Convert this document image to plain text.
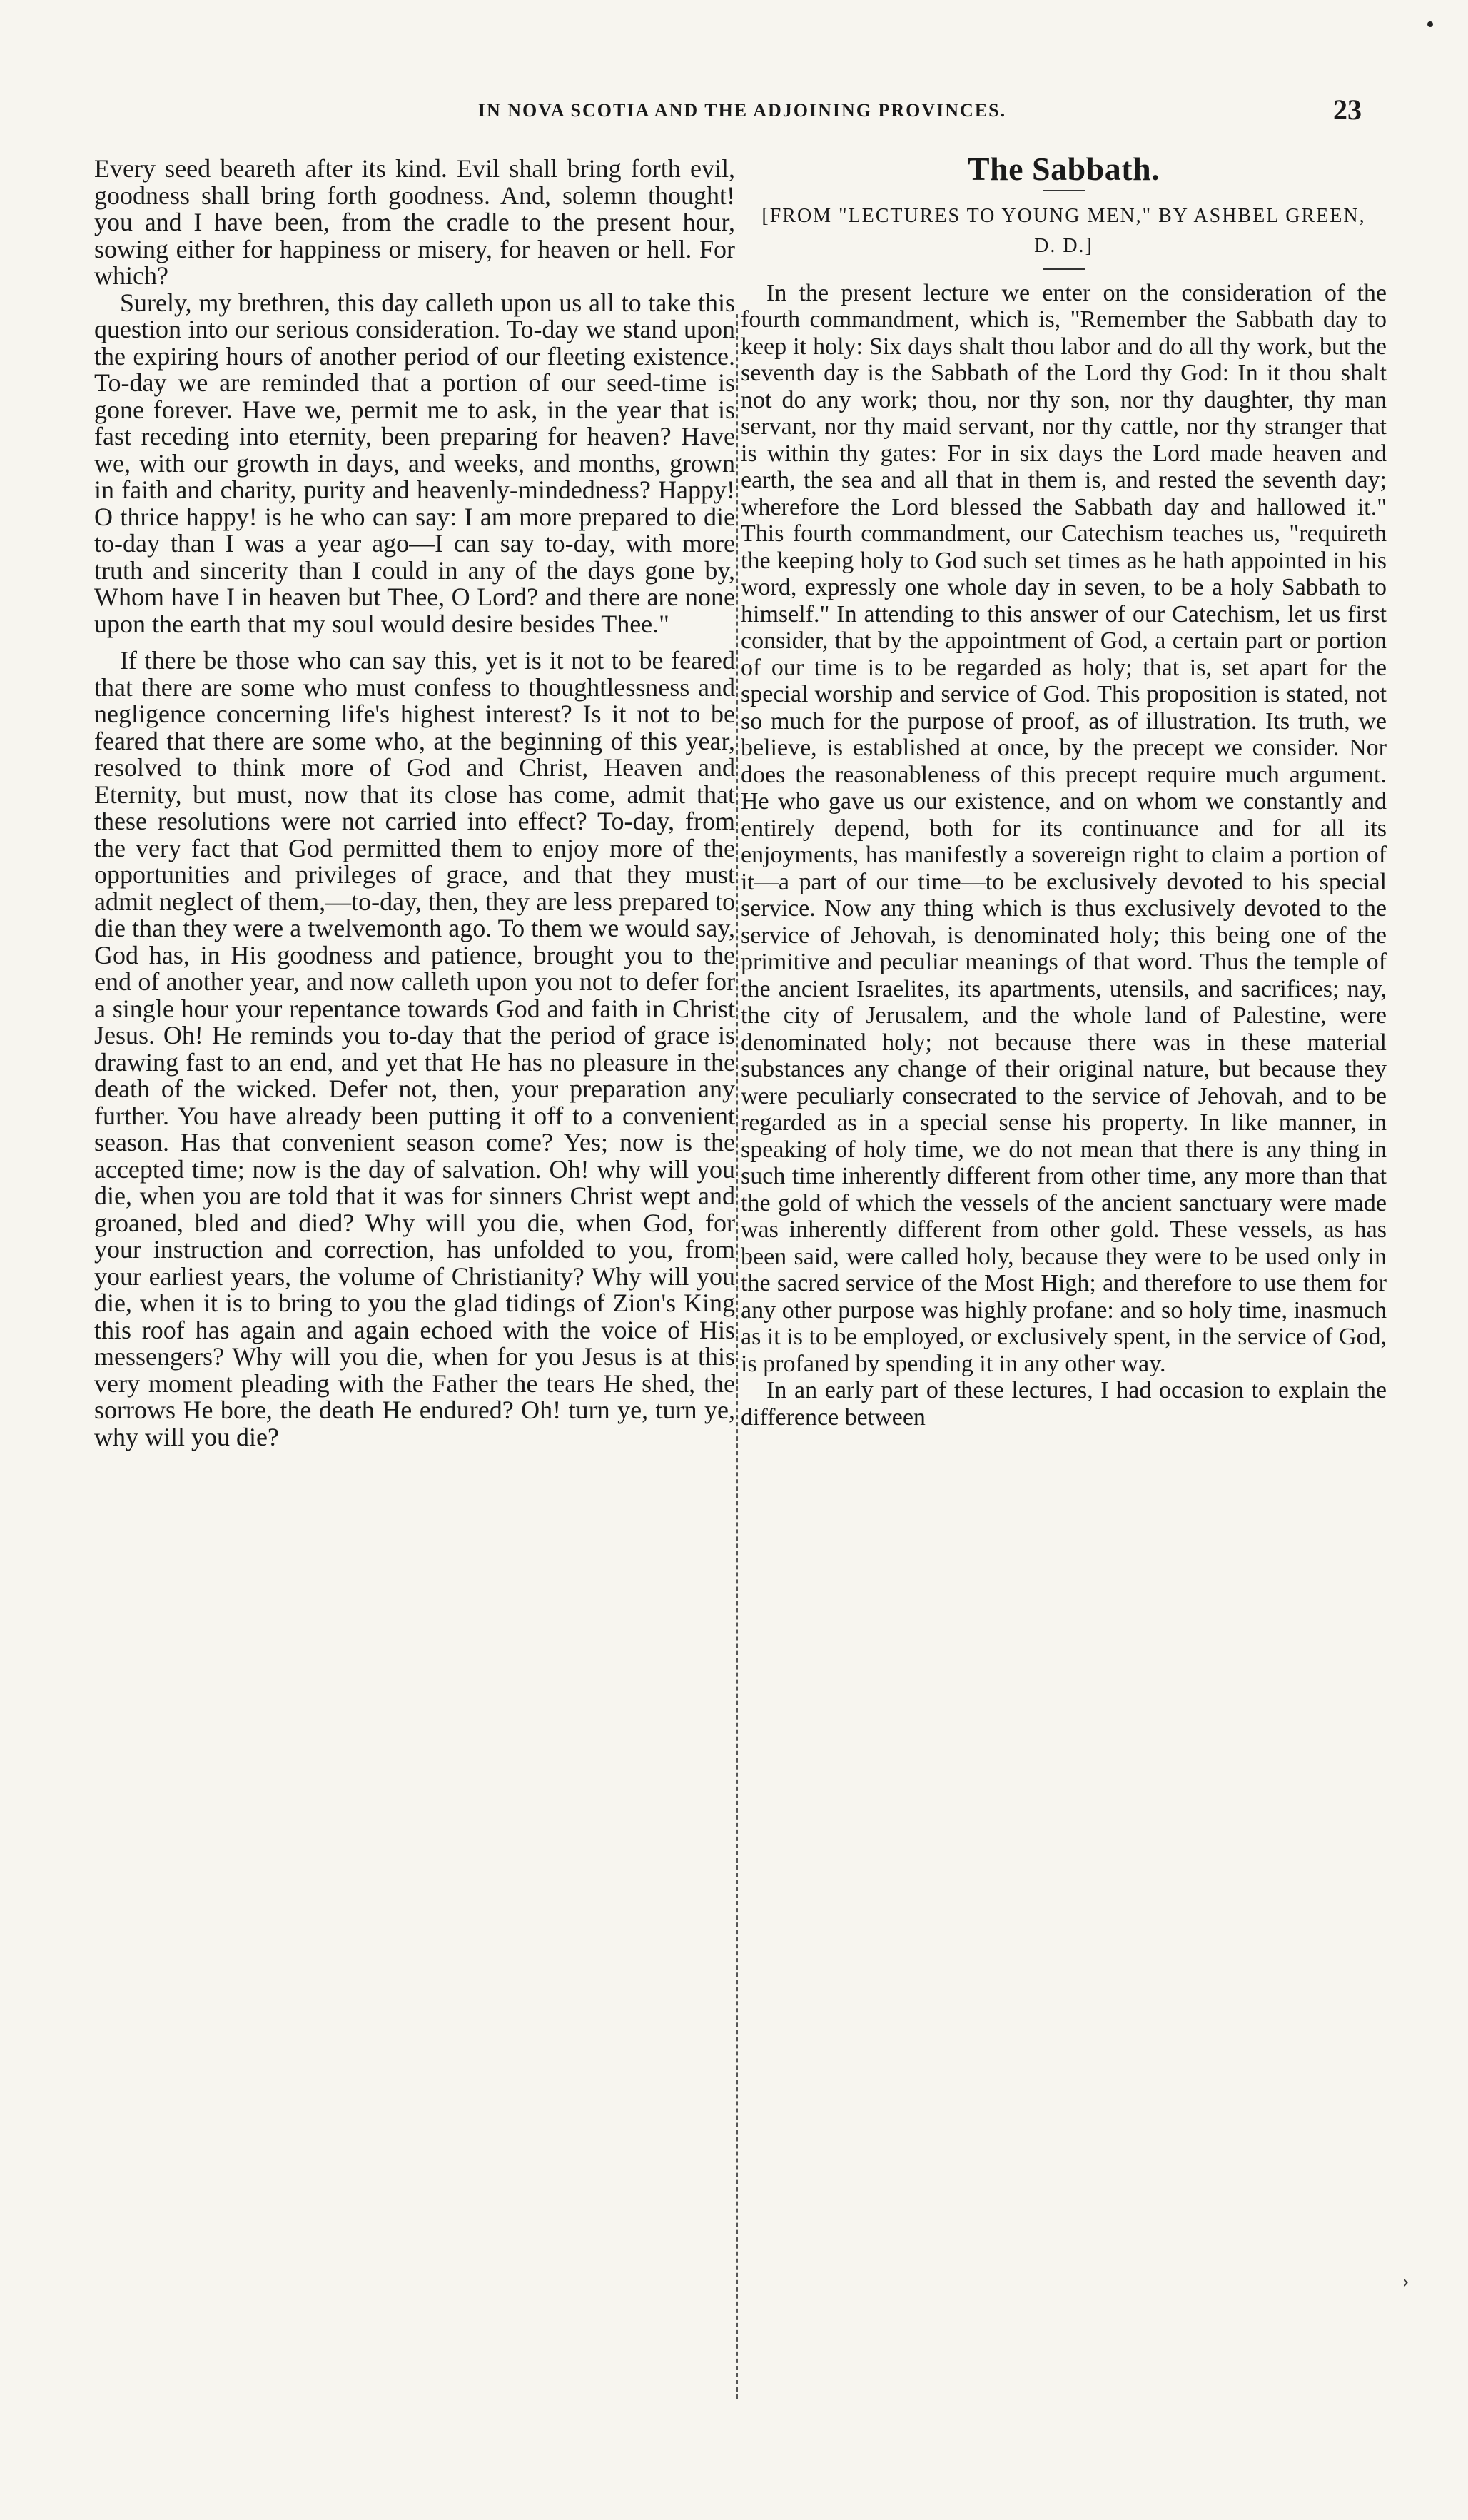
IN NOVA SCOTIA AND THE ADJOINING PROVINCES.	23

Every seed beareth after its kind. Evil shall bring forth evil, goodness shall bring forth goodness. And, solemn thought! you and I have been, from the cradle to the present hour, sowing either for happiness or misery, for heaven or hell. For which?

Surely, my brethren, this day calleth upon us all to take this question into our serious consideration. To-day we stand upon the expiring hours of another period of our fleeting existence. To-day we are reminded that a portion of our seed-time is gone forever. Have we, permit me to ask, in the year that is fast receding into eternity, been preparing for heaven? Have we, with our growth in days, and weeks, and months, grown in faith and charity, purity and heavenly-mindedness? Happy! O thrice happy! is he who can say: I am more prepared to die to-day than I was a year ago—I can say to-day, with more truth and sincerity than I could in any of the days gone by, Whom have I in heaven but Thee, O Lord? and there are none upon the earth that my soul would desire besides Thee."

If there be those who can say this, yet is it not to be feared that there are some who must confess to thoughtlessness and negligence concerning life's highest interest? Is it not to be feared that there are some who, at the beginning of this year, resolved to think more of God and Christ, Heaven and Eternity, but must, now that its close has come, admit that these resolutions were not carried into effect? To-day, from the very fact that God permitted them to enjoy more of the opportunities and privileges of grace, and that they must admit neglect of them,—to-day, then, they are less prepared to die than they were a twelvemonth ago. To them we would say, God has, in His goodness and patience, brought you to the end of another year, and now calleth upon you not to defer for a single hour your repentance towards God and faith in Christ Jesus. Oh! He reminds you to-day that the period of grace is drawing fast to an end, and yet that He has no pleasure in the death of the wicked. Defer not, then, your preparation any further. You have already been putting it off to a convenient season. Has that convenient season come? Yes; now is the accepted time; now is the day of salvation. Oh! why will you die, when you are told that it was for sinners Christ wept and groaned, bled and died? Why will you die, when God, for your instruction and correction, has unfolded to you, from your earliest years, the volume of Christianity? Why will you die, when it is to bring to you the glad tidings of Zion's King this roof has again and again echoed with the voice of His messengers? Why will you die, when for you Jesus is at this very moment pleading with the Father the tears He shed, the sorrows He bore, the death He endured? Oh! turn ye, turn ye, why will you die?

The Sabbath.
[FROM "LECTURES TO YOUNG MEN," BY ASHBEL GREEN, D. D.]

In the present lecture we enter on the consideration of the fourth commandment, which is, "Remember the Sabbath day to keep it holy: Six days shalt thou labor and do all thy work, but the seventh day is the Sabbath of the Lord thy God: In it thou shalt not do any work; thou, nor thy son, nor thy daughter, thy man servant, nor thy maid servant, nor thy cattle, nor thy stranger that is within thy gates: For in six days the Lord made heaven and earth, the sea and all that in them is, and rested the seventh day; wherefore the Lord blessed the Sabbath day and hallowed it." This fourth commandment, our Catechism teaches us, "requireth the keeping holy to God such set times as he hath appointed in his word, expressly one whole day in seven, to be a holy Sabbath to himself." In attending to this answer of our Catechism, let us first consider, that by the appointment of God, a certain part or portion of our time is to be regarded as holy; that is, set apart for the special worship and service of God. This proposition is stated, not so much for the purpose of proof, as of illustration. Its truth, we believe, is established at once, by the precept we consider. Nor does the reasonableness of this precept require much argument. He who gave us our existence, and on whom we constantly and entirely depend, both for its continuance and for all its enjoyments, has manifestly a sovereign right to claim a portion of it—a part of our time—to be exclusively devoted to his special service. Now any thing which is thus exclusively devoted to the service of Jehovah, is denominated holy; this being one of the primitive and peculiar meanings of that word. Thus the temple of the ancient Israelites, its apartments, utensils, and sacrifices; nay, the city of Jerusalem, and the whole land of Palestine, were denominated holy; not because there was in these material substances any change of their original nature, but because they were peculiarly consecrated to the service of Jehovah, and to be regarded as in a special sense his property. In like manner, in speaking of holy time, we do not mean that there is any thing in such time inherently different from other time, any more than that the gold of which the vessels of the ancient sanctuary were made was inherently different from other gold. These vessels, as has been said, were called holy, because they were to be used only in the sacred service of the Most High; and therefore to use them for any other purpose was highly profane: and so holy time, inasmuch as it is to be employed, or exclusively spent, in the service of God, is profaned by spending it in any other way.

In an early part of these lectures, I had occasion to explain the difference between

›
